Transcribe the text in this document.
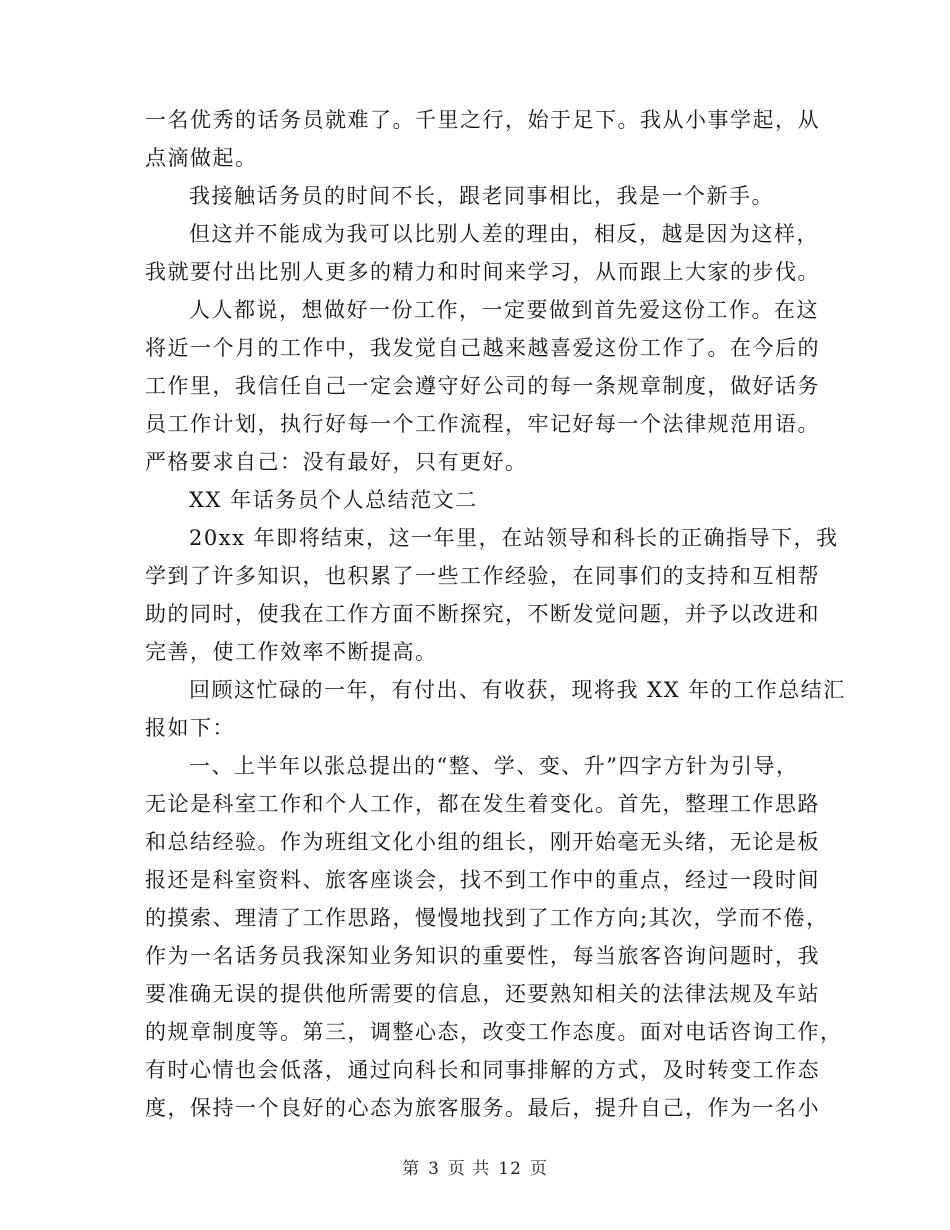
一名优秀的话务员就难了。千里之行，始于足下。我从小事学起，从
点滴做起。
我接触话务员的时间不长，跟老同事相比，我是一个新手。
但这并不能成为我可以比别人差的理由，相反，越是因为这样，
我就要付出比别人更多的精力和时间来学习，从而跟上大家的步伐。
人人都说，想做好一份工作，一定要做到首先爱这份工作。在这
将近一个月的工作中，我发觉自己越来越喜爱这份工作了。在今后的
工作里，我信任自己一定会遵守好公司的每一条规章制度，做好话务
员工作计划，执行好每一个工作流程，牢记好每一个法律规范用语。
严格要求自己：没有最好，只有更好。
XX 年话务员个人总结范文二
20xx 年即将结束，这一年里，在站领导和科长的正确指导下，我
学到了许多知识，也积累了一些工作经验，在同事们的支持和互相帮
助的同时，使我在工作方面不断探究，不断发觉问题，并予以改进和
完善，使工作效率不断提高。
回顾这忙碌的一年，有付出、有收获，现将我 XX 年的工作总结汇
报如下：
一、上半年以张总提出的“整、学、变、升”四字方针为引导，
无论是科室工作和个人工作，都在发生着变化。首先，整理工作思路
和总结经验。作为班组文化小组的组长，刚开始毫无头绪，无论是板
报还是科室资料、旅客座谈会，找不到工作中的重点，经过一段时间
的摸索、理清了工作思路，慢慢地找到了工作方向;其次，学而不倦，
作为一名话务员我深知业务知识的重要性，每当旅客咨询问题时，我
要准确无误的提供他所需要的信息，还要熟知相关的法律法规及车站
的规章制度等。第三，调整心态，改变工作态度。面对电话咨询工作，
有时心情也会低落，通过向科长和同事排解的方式，及时转变工作态
度，保持一个良好的心态为旅客服务。最后，提升自己，作为一名小
第 3 页 共 12 页
